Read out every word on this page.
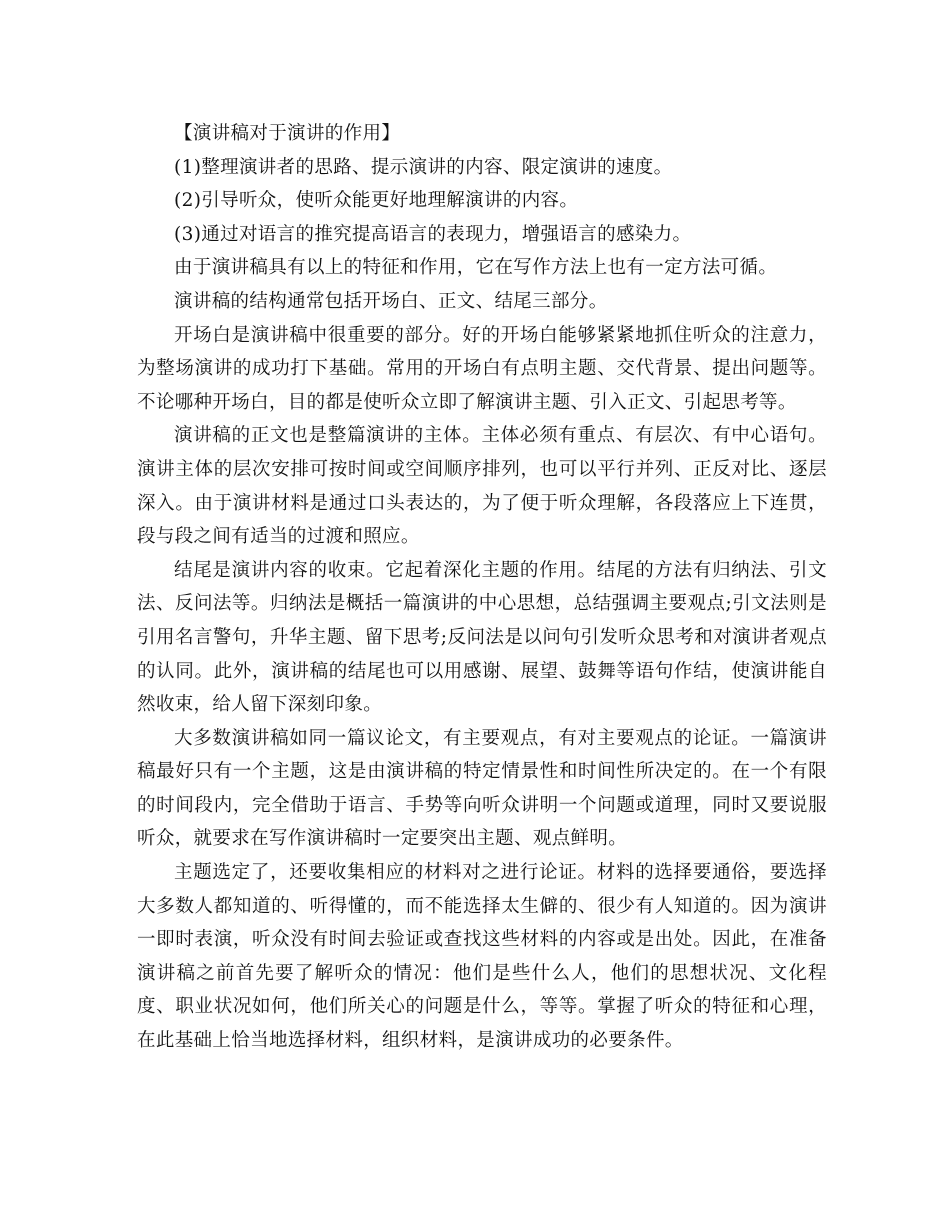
【演讲稿对于演讲的作用】

(1)整理演讲者的思路、提示演讲的内容、限定演讲的速度。

(2)引导听众，使听众能更好地理解演讲的内容。

(3)通过对语言的推究提高语言的表现力，增强语言的感染力。

由于演讲稿具有以上的特征和作用，它在写作方法上也有一定方法可循。

演讲稿的结构通常包括开场白、正文、结尾三部分。

开场白是演讲稿中很重要的部分。好的开场白能够紧紧地抓住听众的注意力，为整场演讲的成功打下基础。常用的开场白有点明主题、交代背景、提出问题等。不论哪种开场白，目的都是使听众立即了解演讲主题、引入正文、引起思考等。

演讲稿的正文也是整篇演讲的主体。主体必须有重点、有层次、有中心语句。演讲主体的层次安排可按时间或空间顺序排列，也可以平行并列、正反对比、逐层深入。由于演讲材料是通过口头表达的，为了便于听众理解，各段落应上下连贯，段与段之间有适当的过渡和照应。

结尾是演讲内容的收束。它起着深化主题的作用。结尾的方法有归纳法、引文法、反问法等。归纳法是概括一篇演讲的中心思想，总结强调主要观点;引文法则是引用名言警句，升华主题、留下思考;反问法是以问句引发听众思考和对演讲者观点的认同。此外，演讲稿的结尾也可以用感谢、展望、鼓舞等语句作结，使演讲能自然收束，给人留下深刻印象。

大多数演讲稿如同一篇议论文，有主要观点，有对主要观点的论证。一篇演讲稿最好只有一个主题，这是由演讲稿的特定情景性和时间性所决定的。在一个有限的时间段内，完全借助于语言、手势等向听众讲明一个问题或道理，同时又要说服听众，就要求在写作演讲稿时一定要突出主题、观点鲜明。

主题选定了，还要收集相应的材料对之进行论证。材料的选择要通俗，要选择大多数人都知道的、听得懂的，而不能选择太生僻的、很少有人知道的。因为演讲一即时表演，听众没有时间去验证或查找这些材料的内容或是出处。因此，在准备演讲稿之前首先要了解听众的情况：他们是些什么人，他们的思想状况、文化程度、职业状况如何，他们所关心的问题是什么，等等。掌握了听众的特征和心理，在此基础上恰当地选择材料，组织材料，是演讲成功的必要条件。
